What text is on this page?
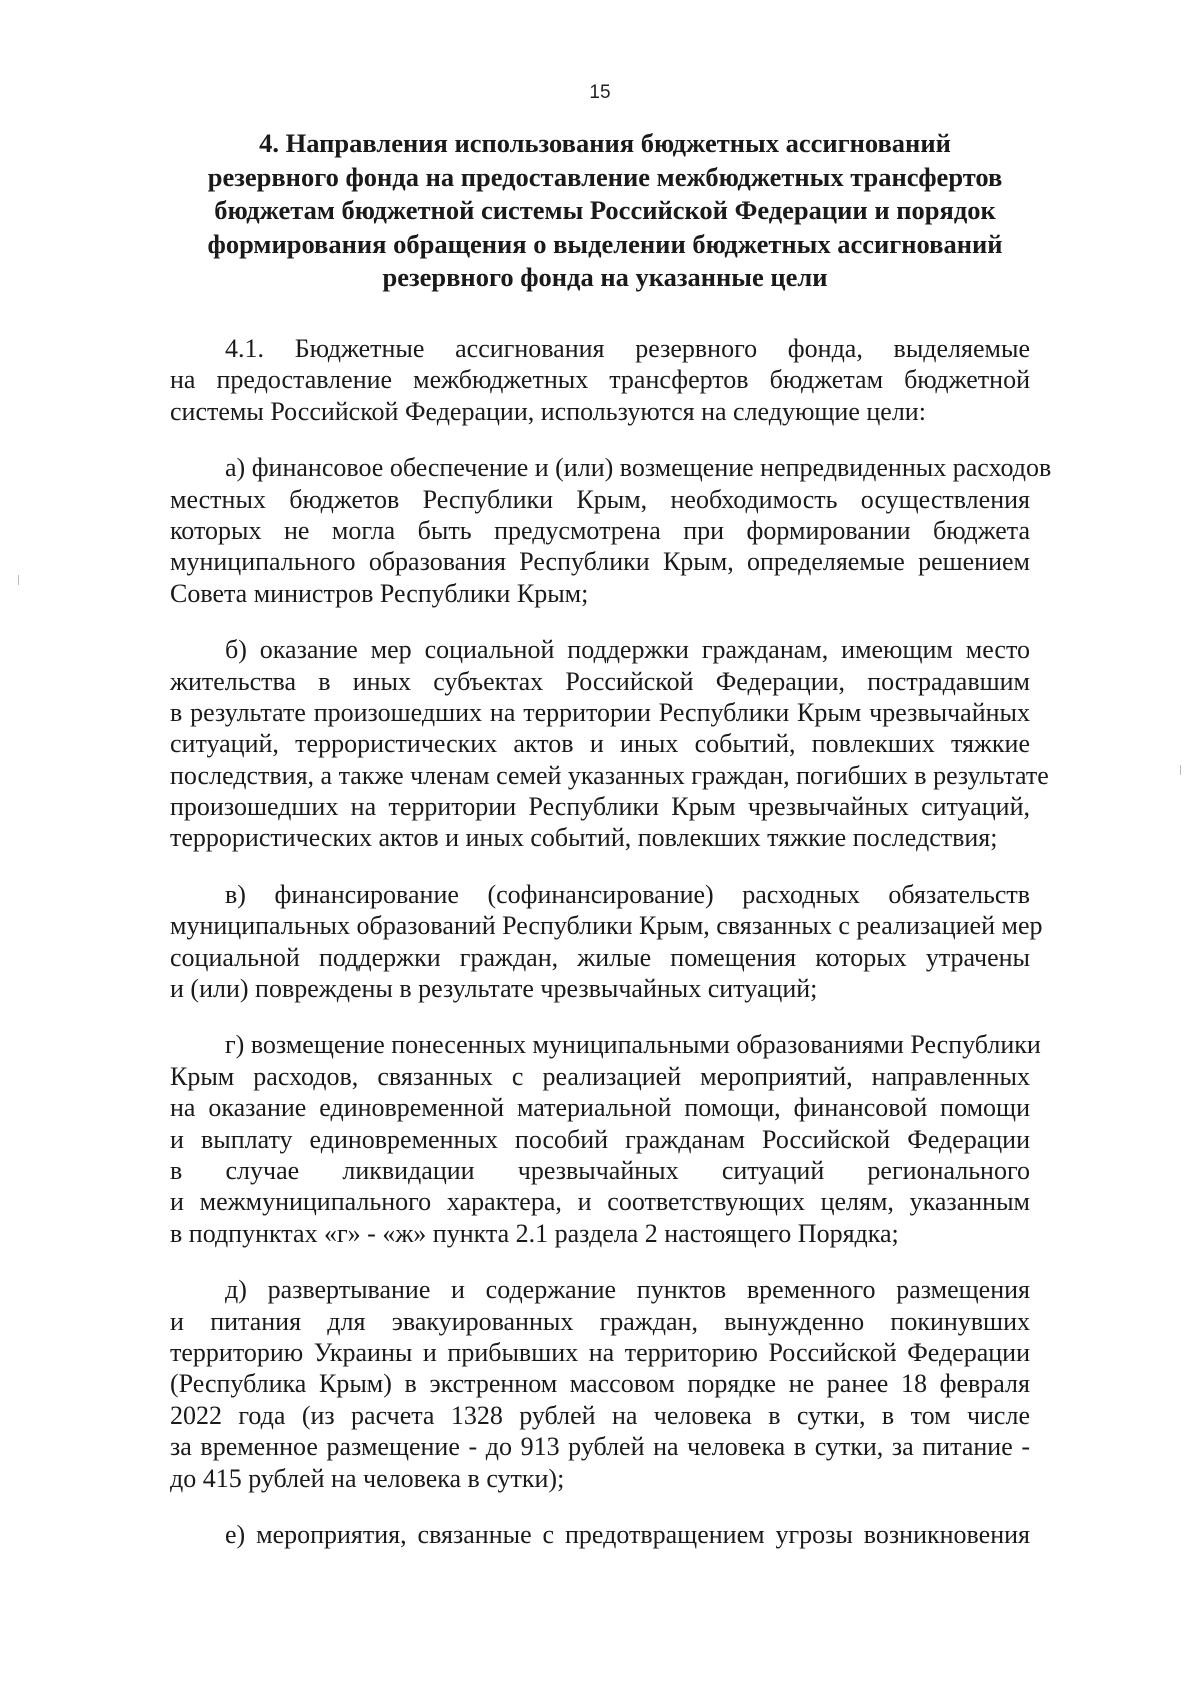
15
4. Направления использования бюджетных ассигнований
резервного фонда на предоставление межбюджетных трансфертов
бюджетам бюджетной системы Российской Федерации и порядок
формирования обращения о выделении бюджетных ассигнований
резервного фонда на указанные цели
4.1. Бюджетные ассигнования резервного фонда, выделяемые
на предоставление межбюджетных трансфертов бюджетам бюджетной
системы Российской Федерации, используются на следующие цели:
а) финансовое обеспечение и (или) возмещение непредвиденных расходов
местных бюджетов Республики Крым, необходимость осуществления
которых не могла быть предусмотрена при формировании бюджета
муниципального образования Республики Крым, определяемые решением
Совета министров Республики Крым;
б) оказание мер социальной поддержки гражданам, имеющим место
жительства в иных субъектах Российской Федерации, пострадавшим
в результате произошедших на территории Республики Крым чрезвычайных
ситуаций, террористических актов и иных событий, повлекших тяжкие
последствия, а также членам семей указанных граждан, погибших в результате
произошедших на территории Республики Крым чрезвычайных ситуаций,
террористических актов и иных событий, повлекших тяжкие последствия;
в) финансирование (софинансирование) расходных обязательств
муниципальных образований Республики Крым, связанных с реализацией мер
социальной поддержки граждан, жилые помещения которых утрачены
и (или) повреждены в результате чрезвычайных ситуаций;
г) возмещение понесенных муниципальными образованиями Республики
Крым расходов, связанных с реализацией мероприятий, направленных
на оказание единовременной материальной помощи, финансовой помощи
и выплату единовременных пособий гражданам Российской Федерации
в случае ликвидации чрезвычайных ситуаций регионального
и межмуниципального характера, и соответствующих целям, указанным
в подпунктах «г» - «ж» пункта 2.1 раздела 2 настоящего Порядка;
д) развертывание и содержание пунктов временного размещения
и питания для эвакуированных граждан, вынужденно покинувших
территорию Украины и прибывших на территорию Российской Федерации
(Республика Крым) в экстренном массовом порядке не ранее 18 февраля
2022 года (из расчета 1328 рублей на человека в сутки, в том числе
за временное размещение - до 913 рублей на человека в сутки, за питание -
до 415 рублей на человека в сутки);
е) мероприятия, связанные с предотвращением угрозы возникновения
